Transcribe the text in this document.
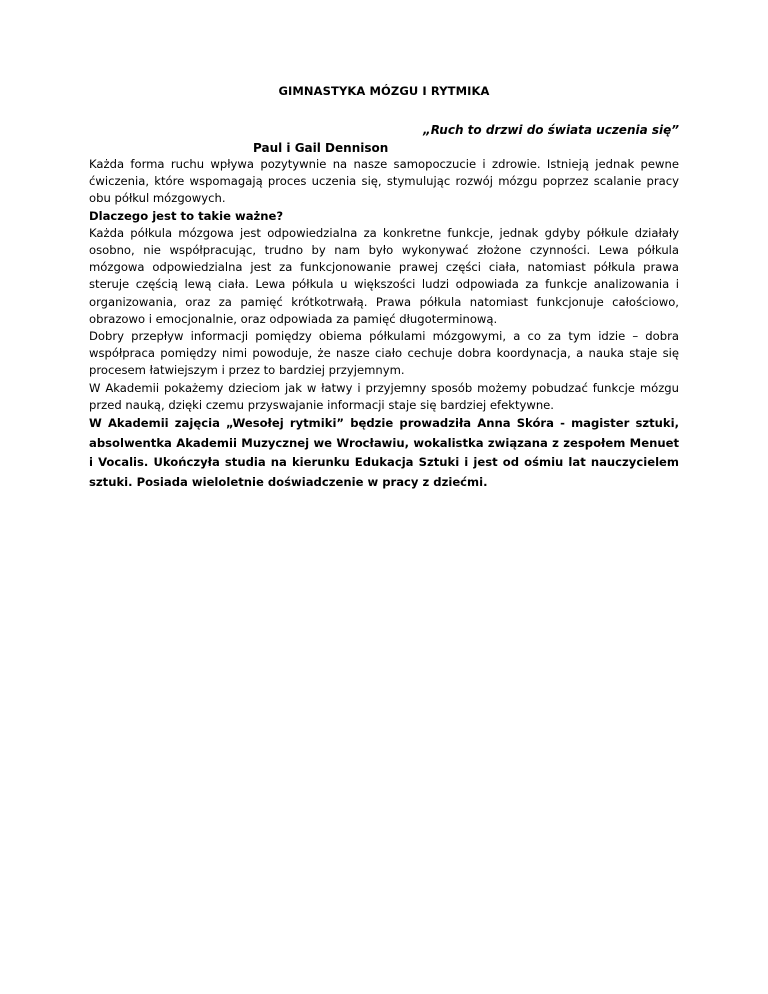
GIMNASTYKA MÓZGU I RYTMIKA
„Ruch to drzwi do świata uczenia się”
Paul i Gail Dennison

Każda forma ruchu wpływa pozytywnie na nasze samopoczucie i zdrowie. Istnieją jednak pewne ćwiczenia, które wspomagają proces uczenia się, stymulując rozwój mózgu poprzez scalanie pracy obu półkul mózgowych.

Dlaczego jest to takie ważne?

Każda półkula mózgowa jest odpowiedzialna za konkretne funkcje, jednak gdyby półkule działały osobno, nie współpracując, trudno by nam było wykonywać złożone czynności. Lewa półkula mózgowa odpowiedzialna jest za funkcjonowanie prawej części ciała, natomiast półkula prawa steruje częścią lewą ciała. Lewa półkula u większości ludzi odpowiada za funkcje analizowania i organizowania, oraz za pamięć krótkotrwałą. Prawa półkula natomiast funkcjonuje całościowo, obrazowo i emocjonalnie, oraz odpowiada za pamięć długoterminową.

Dobry przepływ informacji pomiędzy obiema półkulami mózgowymi, a co za tym idzie – dobra współpraca pomiędzy nimi powoduje, że nasze ciało cechuje dobra koordynacja, a nauka staje się procesem łatwiejszym i przez to bardziej przyjemnym.

W Akademii pokażemy dzieciom jak w łatwy i przyjemny sposób możemy pobudzać funkcje mózgu przed nauką, dzięki czemu przyswajanie informacji staje się bardziej efektywne.

W Akademii zajęcia „Wesołej rytmiki” będzie prowadziła Anna Skóra - magister sztuki, absolwentka Akademii Muzycznej we Wrocławiu, wokalistka związana z zespołem Menuet i Vocalis. Ukończyła studia na kierunku Edukacja Sztuki i jest od ośmiu lat nauczycielem sztuki. Posiada wieloletnie doświadczenie w pracy z dziećmi.
